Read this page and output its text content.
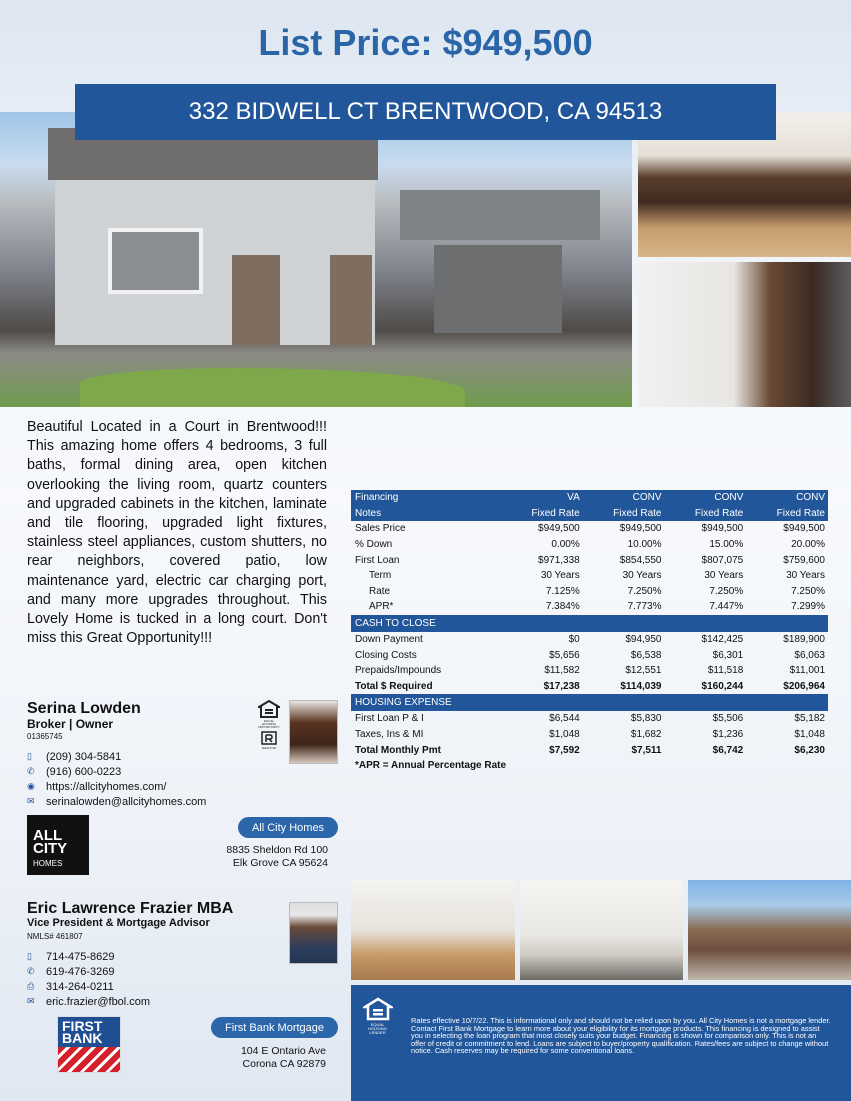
List Price: $949,500
332 BIDWELL CT BRENTWOOD, CA 94513
Beautiful Located in a Court in Brentwood!!! This amazing home offers 4 bedrooms, 3 full baths, formal dining area, open kitchen overlooking the living room, quartz counters and upgraded cabinets in the kitchen, laminate and tile flooring, upgraded light fixtures, stainless steel appliances, custom shutters, no rear neighbors, covered patio, low maintenance yard, electric car charging port, and many more upgrades throughout. This Lovely Home is tucked in a long court. Don't miss this Great Opportunity!!!
Financing	VA	CONV	CONV	CONV
Notes	Fixed Rate	Fixed Rate	Fixed Rate	Fixed Rate
Sales Price	$949,500	$949,500	$949,500	$949,500
% Down	0.00%	10.00%	15.00%	20.00%
First Loan	$971,338	$854,550	$807,075	$759,600
Term	30 Years	30 Years	30 Years	30 Years
Rate	7.125%	7.250%	7.250%	7.250%
APR*	7.384%	7.773%	7.447%	7.299%
CASH TO CLOSE
Down Payment	$0	$94,950	$142,425	$189,900
Closing Costs	$5,656	$6,538	$6,301	$6,063
Prepaids/Impounds	$11,582	$12,551	$11,518	$11,001
Total $ Required	$17,238	$114,039	$160,244	$206,964
HOUSING EXPENSE
First Loan P & I	$6,544	$5,830	$5,506	$5,182
Taxes, Ins & MI	$1,048	$1,682	$1,236	$1,048
Total Monthly Pmt	$7,592	$7,511	$6,742	$6,230
*APR = Annual Percentage Rate
Serina Lowden
Broker | Owner
01365745
EQUAL HOUSING OPPORTUNITY
REALTOR
▯	(209) 304-5841
✆	(916) 600-0223
◉	https://allcityhomes.com/
✉	serinalowden@allcityhomes.com
ALL
CITY
HOMES
All City Homes
8835 Sheldon Rd 100
Elk Grove CA 95624
Eric Lawrence Frazier MBA
Vice President & Mortgage Advisor
NMLS# 461807
▯	714-475-8629
✆	619-476-3269
⎙	314-264-0211
✉	eric.frazier@fbol.com
FIRST
BANK
First Bank Mortgage
104 E Ontario Ave
Corona CA 92879
EQUAL HOUSING LENDER
Rates effective 10/7/22. This is informational only and should not be relied upon by you. All City Homes is not a mortgage lender. Contact First Bank Mortgage to learn more about your eligibility for its mortgage products. This financing is designed to assist you in selecting the loan program that most closely suits your budget. Financing is shown for comparison only. This is not an offer of credit or commitment to lend. Loans are subject to buyer/property qualification. Rates/fees are subject to change without notice. Cash reserves may be required for some conventional loans.
